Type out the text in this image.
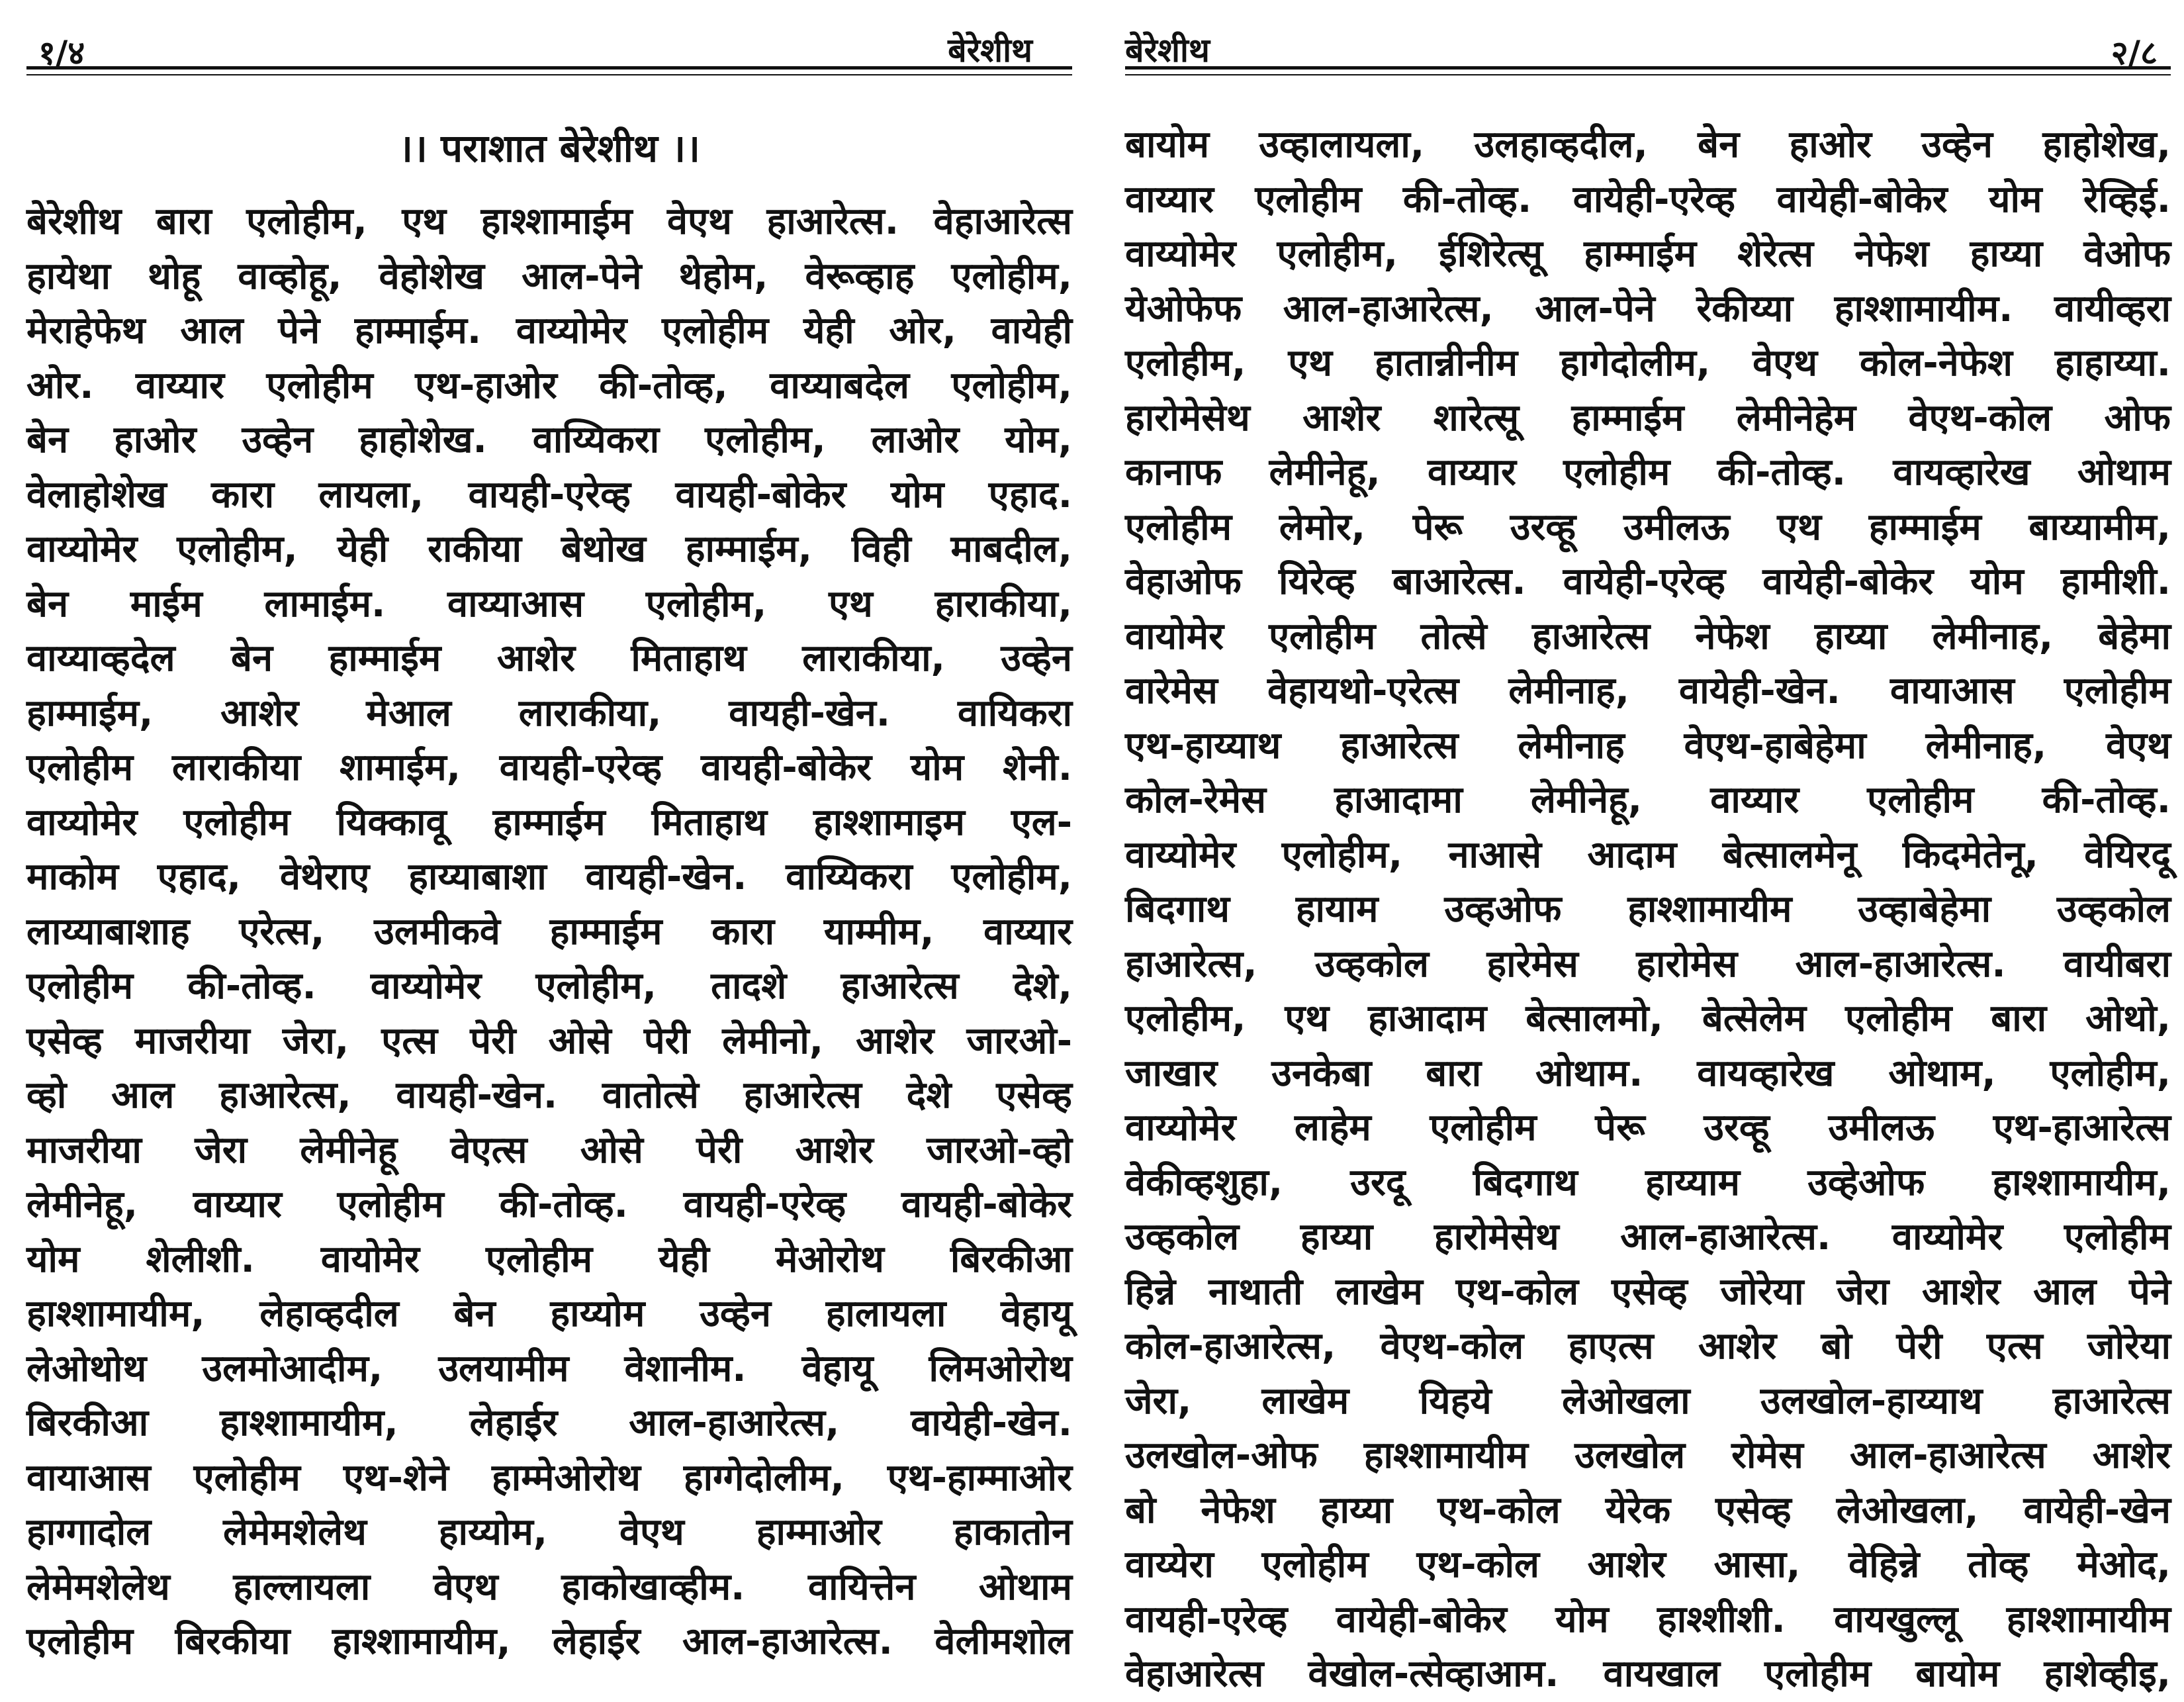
१/४	बेरेशीथ
।। पराशात बेरेशीथ ।।
बेरेशीथ बारा एलोहीम, एथ हाश्शामाईम वेएथ हाआरेत्स. वेहाआरेत्स
हायेथा थोहू वाव्होहू, वेहोशेख आल-पेने थेहोम, वेरूव्हाह एलोहीम,
मेराहेफेथ आल पेने हाम्माईम. वाय्योमेर एलोहीम येही ओर, वायेही
ओर. वाय्यार एलोहीम एथ-हाओर की-तोव्ह, वाय्याबदेल एलोहीम,
बेन हाओर उव्हेन हाहोशेख. वाय्यिकरा एलोहीम, लाओर योम,
वेलाहोशेख कारा लायला, वायही-एरेव्ह वायही-बोकेर योम एहाद.
वाय्योमेर एलोहीम, येही राकीया बेथोख हाम्माईम, विही माबदील,
बेन माईम लामाईम. वाय्याआस एलोहीम, एथ हाराकीया,
वाय्याव्हदेल बेन हाम्माईम आशेर मिताहाथ लाराकीया, उव्हेन
हाम्माईम, आशेर मेआल लाराकीया, वायही-खेन. वायिकरा
एलोहीम लाराकीया शामाईम, वायही-एरेव्ह वायही-बोकेर योम शेनी.
वाय्योमेर एलोहीम यिक्कावू हाम्माईम मिताहाथ हाश्शामाइम एल-
माकोम एहाद, वेथेराए हाय्याबाशा वायही-खेन. वाय्यिकरा एलोहीम,
लाय्याबाशाह एरेत्स, उलमीकवे हाम्माईम कारा याम्मीम, वाय्यार
एलोहीम की-तोव्ह. वाय्योमेर एलोहीम, तादशे हाआरेत्स देशे,
एसेव्ह माजरीया जेरा, एत्स पेरी ओसे पेरी लेमीनो, आशेर जारओ-
व्हो आल हाआरेत्स, वायही-खेन. वातोत्से हाआरेत्स देशे एसेव्ह
माजरीया जेरा लेमीनेहू वेएत्स ओसे पेरी आशेर जारओ-व्हो
लेमीनेहू, वाय्यार एलोहीम की-तोव्ह. वायही-एरेव्ह वायही-बोकेर
योम शेलीशी. वायोमेर एलोहीम येही मेओरोथ बिरकीआ
हाश्शामायीम, लेहाव्हदील बेन हाय्योम उव्हेन हालायला वेहायू
लेओथोथ उलमोआदीम, उलयामीम वेशानीम. वेहायू लिमओरोथ
बिरकीआ हाश्शामायीम, लेहाईर आल-हाआरेत्स, वायेही-खेन.
वायाआस एलोहीम एथ-शेने हाम्मेओरोथ हाग्गेदोलीम, एथ-हाम्माओर
हाग्गादोल लेमेमशेलेथ हाय्योम, वेएथ हाम्माओर हाकातोन
लेमेमशेलेथ हाल्लायला वेएथ हाकोखाव्हीम. वायित्तेन ओथाम
एलोहीम बिरकीया हाश्शामायीम, लेहाईर आल-हाआरेत्स. वेलीमशोल
बेरेशीथ	२/८
बायोम उव्हालायला, उलहाव्हदील, बेन हाओर उव्हेन हाहोशेख,
वाय्यार एलोहीम की-तोव्ह. वायेही-एरेव्ह वायेही-बोकेर योम रेव्हिई.
वाय्योमेर एलोहीम, ईशिरेत्सू हाम्माईम शेरेत्स नेफेश हाय्या वेओफ
येओफेफ आल-हाआरेत्स, आल-पेने रेकीय्या हाश्शामायीम. वायीव्हरा
एलोहीम, एथ हातान्नीनीम हागेदोलीम, वेएथ कोल-नेफेश हाहाय्या.
हारोमेसेथ आशेर शारेत्सू हाम्माईम लेमीनेहेम वेएथ-कोल ओफ
कानाफ लेमीनेहू, वाय्यार एलोहीम की-तोव्ह. वायव्हारेख ओथाम
एलोहीम लेमोर, पेरू उरव्हू उमीलऊ एथ हाम्माईम बाय्यामीम,
वेहाओफ यिरेव्ह बाआरेत्स. वायेही-एरेव्ह वायेही-बोकेर योम हामीशी.
वायोमेर एलोहीम तोत्से हाआरेत्स नेफेश हाय्या लेमीनाह, बेहेमा
वारेमेस वेहायथो-एरेत्स लेमीनाह, वायेही-खेन. वायाआस एलोहीम
एथ-हाय्याथ हाआरेत्स लेमीनाह वेएथ-हाबेहेमा लेमीनाह, वेएथ
कोल-रेमेस हाआदामा लेमीनेहू, वाय्यार एलोहीम की-तोव्ह.
वाय्योमेर एलोहीम, नाआसे आदाम बेत्सालमेनू किदमेतेनू, वेयिरदू
बिदगाथ हायाम उव्हओफ हाश्शामायीम उव्हाबेहेमा उव्हकोल
हाआरेत्स, उव्हकोल हारेमेस हारोमेस आल-हाआरेत्स. वायीबरा
एलोहीम, एथ हाआदाम बेत्सालमो, बेत्सेलेम एलोहीम बारा ओथो,
जाखार उनकेबा बारा ओथाम. वायव्हारेख ओथाम, एलोहीम,
वाय्योमेर लाहेम एलोहीम पेरू उरव्हू उमीलऊ एथ-हाआरेत्स
वेकीव्हशुहा, उरदू बिदगाथ हाय्याम उव्हेओफ हाश्शामायीम,
उव्हकोल हाय्या हारोमेसेथ आल-हाआरेत्स. वाय्योमेर एलोहीम
हिन्ने नाथाती लाखेम एथ-कोल एसेव्ह जोरेया जेरा आशेर आल पेने
कोल-हाआरेत्स, वेएथ-कोल हाएत्स आशेर बो पेरी एत्स जोरेया
जेरा, लाखेम यिहये लेओखला उलखोल-हाय्याथ हाआरेत्स
उलखोल-ओफ हाश्शामायीम उलखोल रोमेस आल-हाआरेत्स आशेर
बो नेफेश हाय्या एथ-कोल येरेक एसेव्ह लेओखला, वायेही-खेन
वाय्येरा एलोहीम एथ-कोल आशेर आसा, वेहिन्ने तोव्ह मेओद,
वायही-एरेव्ह वायेही-बोकेर योम हाश्शीशी. वायखुल्लू हाश्शामायीम
वेहाआरेत्स वेखोल-त्सेव्हाआम. वायखाल एलोहीम बायोम हाशेव्हीइ,
